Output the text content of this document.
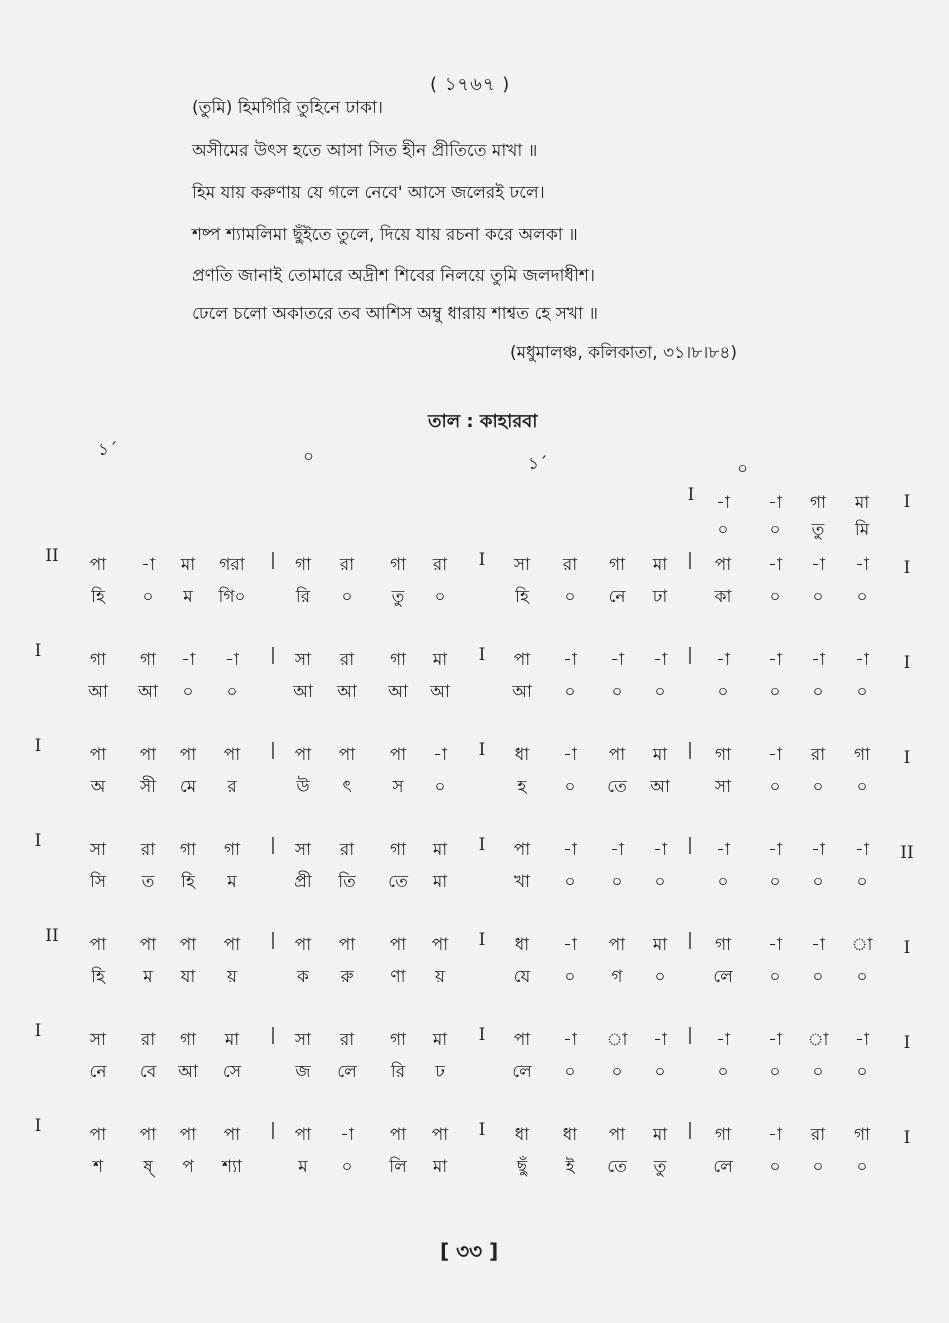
( ১৭৬৭ )
(তুমি) হিমগিরি তুহিনে ঢাকা।
অসীমের উৎস হতে আসা সিত হীন প্রীতিতে মাখা ॥
হিম যায় করুণায় যে গলে নেবে' আসে জলেরই ঢলে।
শষ্প শ্যামলিমা ছুঁইতে তুলে, দিয়ে যায় রচনা করে অলকা ॥
প্রণতি জানাই তোমারে অদ্রীশ শিবের নিলয়ে তুমি জলদাধীশ।
ঢেলে চলো অকাতরে তব আশিস অম্বু ধারায় শাশ্বত হে সখা ॥
(মধুমালঞ্চ, কলিকাতা, ৩১।৮।৮৪)
তাল : কাহারবা
১´	০	১´	০
I -া -া গা মা
০ ০ তু মি
I
II পা -া মা গরা | গা রা গা রা I সা রা গা মা | পা -া -া -া
হি ০ ম গি০	রি ০ তু ০	হি ০ নে ঢা	কা ০ ০ ০
I
I	গা গা -া -া | সা রা গা মা I পা -া -া -া | -া -া -া -া
আ আ ০ ০	আ আ আ আ	আ ০ ০ ০	০ ০ ০ ০
I
I	পা পা পা পা | পা পা পা -া I ধা -া পা মা | গা -া রা গা
অ সী মে র	উ ৎ স ০	হ ০ তে আ	সা ০ ০ ০
I
I	সা রা গা গা | সা রা গা মা I পা -া -া -া | -া -া -া -া
সি ত হি ম	প্রী তি তে মা	খা ০ ০ ০	০ ০ ০ ০
II
II পা পা পা পা | পা পা পা পা I ধা -া পা মা | গা -া -া া
হি ম যা য়	ক রু ণা য়	যে ০ গ ০	লে ০ ০ ০
I
I	সা রা গা মা | সা রা গা মা I পা -া া -া | -া -া া -া
নে বে আ সে	জ লে রি ঢ	লে ০ ০ ০	০ ০ ০ ০
I
I	পা পা পা পা | পা -া পা পা I ধা ধা পা মা | গা -া রা গা
শ ষ্ প শ্যা	ম ০ লি মা	ছুঁ ই তে তু	লে ০ ০ ০
I
[ ৩৩ ]
